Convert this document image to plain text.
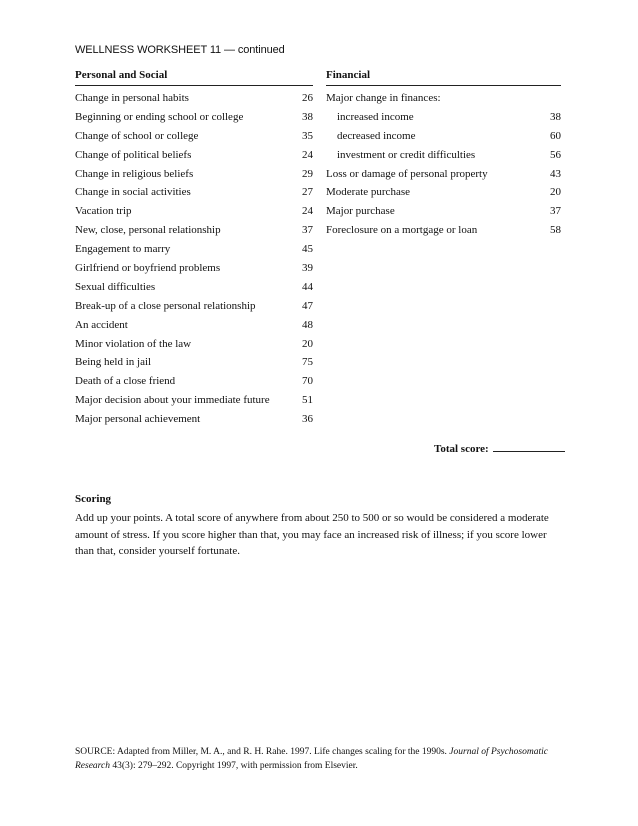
WELLNESS WORKSHEET 11 — continued
Personal and Social
Change in personal habits	26
Beginning or ending school or college	38
Change of school or college	35
Change of political beliefs	24
Change in religious beliefs	29
Change in social activities	27
Vacation trip	24
New, close, personal relationship	37
Engagement to marry	45
Girlfriend or boyfriend problems	39
Sexual difficulties	44
Break-up of a close personal relationship	47
An accident	48
Minor violation of the law	20
Being held in jail	75
Death of a close friend	70
Major decision about your immediate future	51
Major personal achievement	36
Financial
Major change in finances:
increased income	38
decreased income	60
investment or credit difficulties	56
Loss or damage of personal property	43
Moderate purchase	20
Major purchase	37
Foreclosure on a mortgage or loan	58
Total score:
Scoring
Add up your points. A total score of anywhere from about 250 to 500 or so would be considered a moderate amount of stress. If you score higher than that, you may face an increased risk of illness; if you score lower than that, consider yourself fortunate.
SOURCE: Adapted from Miller, M. A., and R. H. Rahe. 1997. Life changes scaling for the 1990s. Journal of Psychosomatic Research 43(3): 279–292. Copyright 1997, with permission from Elsevier.
